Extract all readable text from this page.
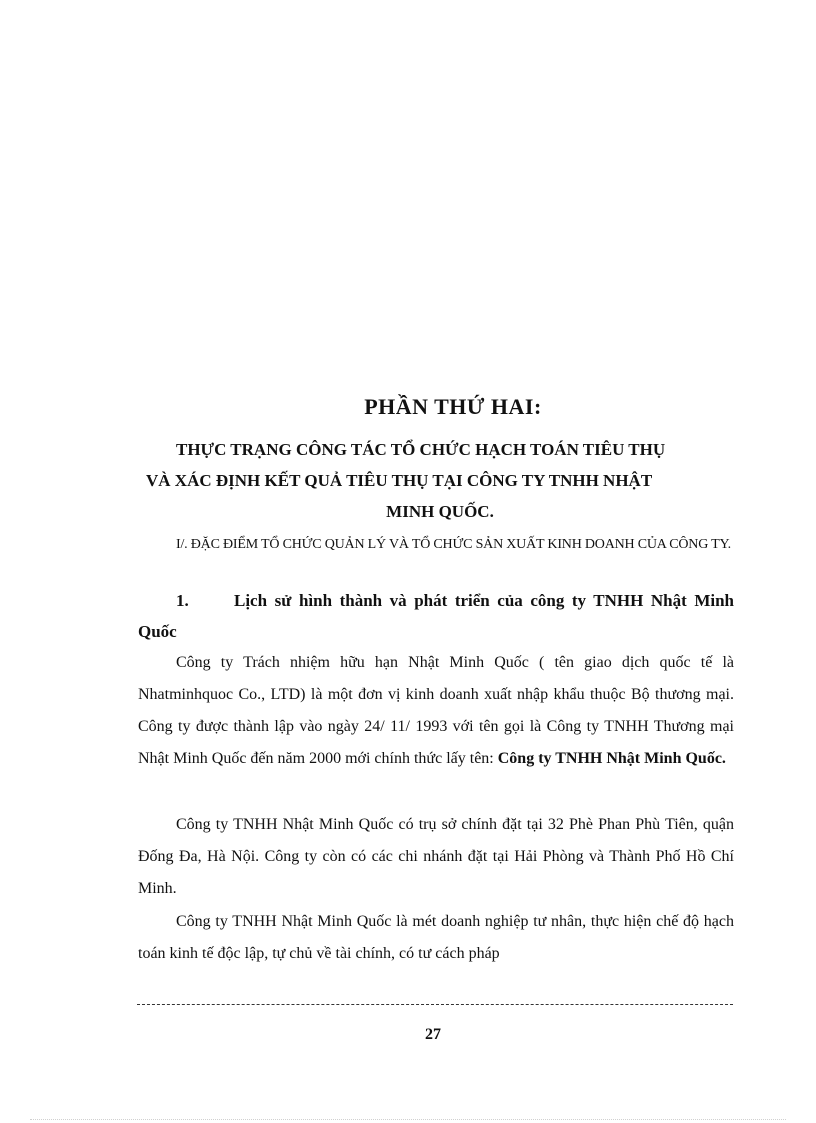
PHẦN THỨ HAI:
THỰC TRẠNG CÔNG TÁC TỔ CHỨC HẠCH TOÁN TIÊU THỤ
VÀ XÁC ĐỊNH KẾT QUẢ TIÊU THỤ TẠI CÔNG TY TNHH NHẬT
MINH QUỐC.
I/. ĐẶC ĐIỂM TỔ CHỨC QUẢN LÝ VÀ TỔ CHỨC SẢN XUẤT KINH DOANH CỦA CÔNG TY.
1.	Lịch sử hình thành và phát triển của công ty TNHH Nhật Minh Quốc
Công ty Trách nhiệm hữu hạn Nhật Minh Quốc ( tên giao dịch quốc tế là Nhatminhquoc Co., LTD) là một đơn vị kinh doanh xuất nhập khẩu thuộc Bộ thương mại. Công ty được thành lập vào ngày 24/ 11/ 1993 với tên gọi là Công ty TNHH Thương mại Nhật Minh Quốc đến năm 2000 mới chính thức lấy tên: Công ty TNHH Nhật Minh Quốc.
Công ty TNHH Nhật Minh Quốc có trụ sở chính đặt tại 32 Phè Phan Phù Tiên, quận Đống Đa, Hà Nội. Công ty còn có các chi nhánh đặt tại Hải Phòng và Thành Phố Hồ Chí Minh.
Công ty TNHH Nhật Minh Quốc là mét doanh nghiệp tư nhân, thực hiện chế độ hạch toán kinh tế độc lập, tự chủ về tài chính, có tư cách pháp
27
